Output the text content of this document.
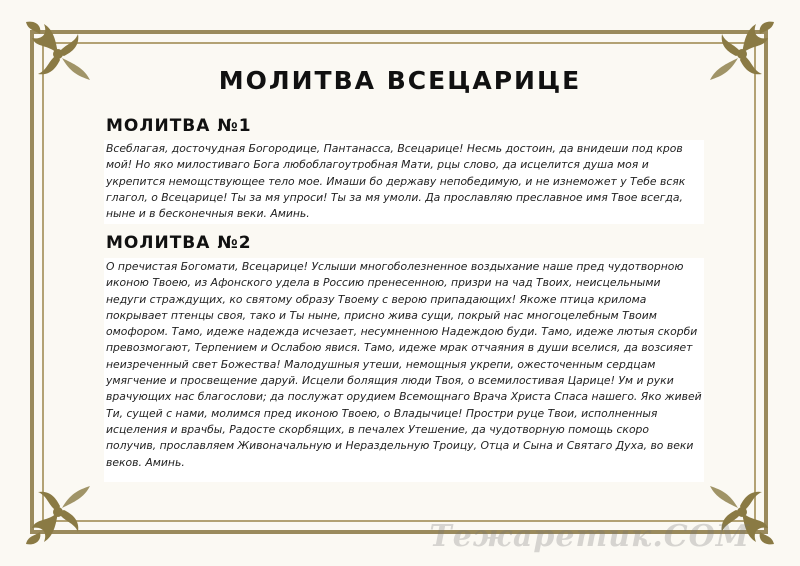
МОЛИТВА ВСЕЦАРИЦЕ
МОЛИТВА №1
Всеблагая, досточудная Богородице, Пантанасса, Всецарице! Несмь достоин, да внидеши под кров мой! Но яко милостиваго Бога любоблагоутробная Мати, рцы слово, да исцелится душа моя и укрепится немощствующее тело мое. Имаши бо державу непобедимую, и не изнеможет у Тебе всяк глагол, о Всецарице! Ты за мя упроси! Ты за мя умоли. Да прославляю преславное имя Твое всегда, ныне и в бесконечныя веки. Аминь.
МОЛИТВА №2
О пречистая Богомати, Всецарице! Услыши многоболезненное воздыхание наше пред чудотворною иконою Твоею, из Афонского удела в Россию пренесенною, призри на чад Твоих, неисцельными недуги страждущих, ко святому образу Твоему с верою припадающих! Якоже птица крилома покрывает птенцы своя, тако и Ты ныне, присно жива сущи, покрый нас многоцелебным Твоим омофором. Тамо, идеже надежда исчезает, несумненною Надеждою буди. Тамо, идеже лютыя скорби превозмогают, Терпением и Ослабою явися. Тамо, идеже мрак отчаяния в души вселися, да возсияет неизреченный свет Божества! Малодушныя утеши, немощныя укрепи, ожесточенным сердцам умягчение и просвещение даруй. Исцели болящия люди Твоя, о всемилостивая Царице! Ум и руки врачующих нас благослови; да послужат орудием Всемощнаго Врача Христа Спаса нашего. Яко живей Ти, сущей с нами, молимся пред иконою Твоею, о Владычице! Простри руце Твои, исполненныя исцеления и врачбы, Радосте скорбящих, в печалех Утешение, да чудотворную помощь скоро получив, прославляем Живоначальную и Нераздельную Троицу, Отца и Сына и Святаго Духа, во веки веков. Аминь.
Тежаретик.COM
